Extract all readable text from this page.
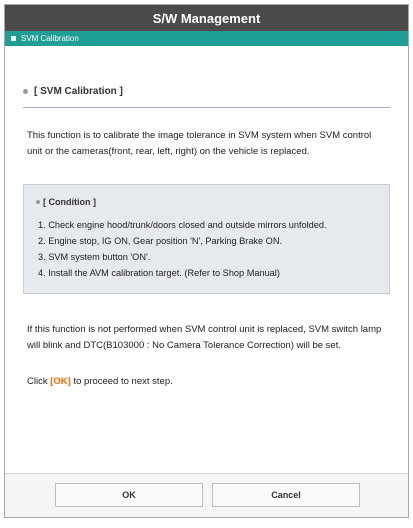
S/W Management
SVM Calibration
[ SVM Calibration ]
This function is to calibrate the image tolerance in SVM system when SVM control unit or the cameras(front, rear, left, right) on the vehicle is replaced.
[ Condition ]
1. Check engine hood/trunk/doors closed and outside mirrors unfolded.
2. Engine stop, IG ON, Gear position 'N', Parking Brake ON.
3. SVM system button 'ON'.
4. Install the AVM calibration target. (Refer to Shop Manual)
If this function is not performed when SVM control unit is replaced, SVM switch lamp will blink and DTC(B103000 : No Camera Tolerance Correction) will be set.
Click [OK] to proceed to next step.
OK	Cancel
